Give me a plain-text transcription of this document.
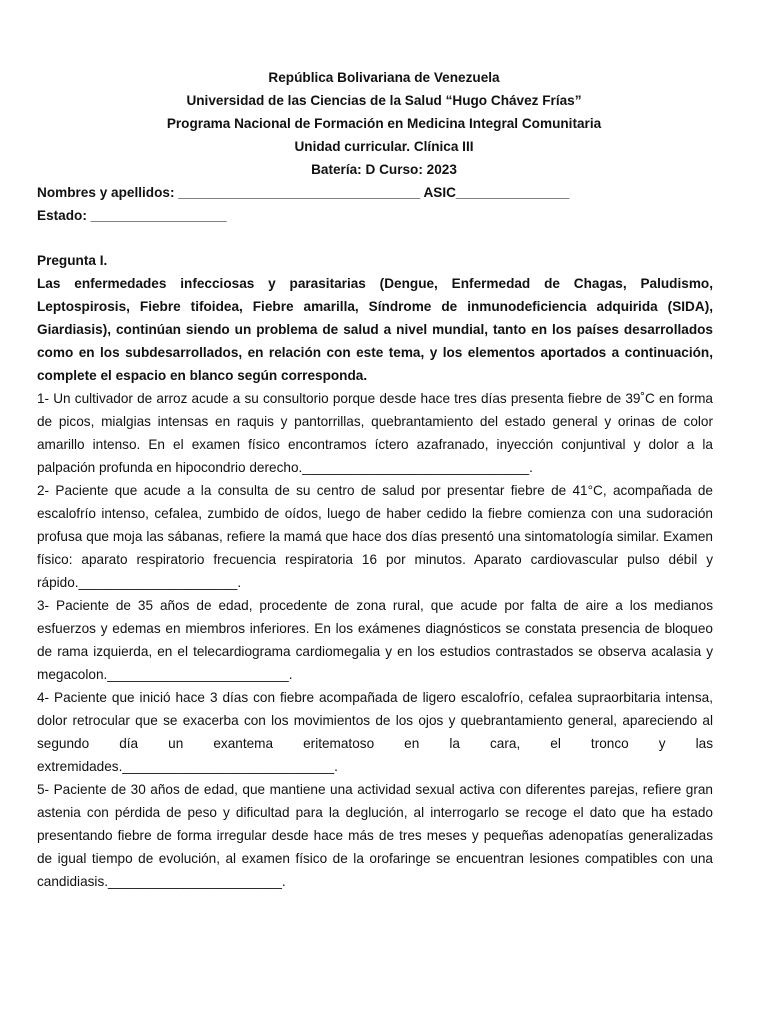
República Bolivariana de Venezuela
Universidad de las Ciencias de la Salud “Hugo Chávez Frías”
Programa Nacional de Formación en Medicina Integral Comunitaria
Unidad curricular. Clínica III
Batería: D Curso: 2023
Nombres y apellidos: ________________________________ ASIC_______________
Estado: __________________

Pregunta I.

Las enfermedades infecciosas y parasitarias (Dengue, Enfermedad de Chagas, Paludismo, Leptospirosis, Fiebre tifoidea, Fiebre amarilla, Síndrome de inmunodeficiencia adquirida (SIDA), Giardiasis), continúan siendo un problema de salud a nivel mundial, tanto en los países desarrollados como en los subdesarrollados, en relación con este tema, y los elementos aportados a continuación, complete el espacio en blanco según corresponda.

1- Un cultivador de arroz acude a su consultorio porque desde hace tres días presenta fiebre de 39˚C en forma de picos, mialgias intensas en raquis y pantorrillas, quebrantamiento del estado general y orinas de color amarillo intenso. En el examen físico encontramos íctero azafranado, inyección conjuntival y dolor a la palpación profunda en hipocondrio derecho.______________________________.

2- Paciente que acude a la consulta de su centro de salud por presentar fiebre de 41°C, acompañada de escalofrío intenso, cefalea, zumbido de oídos, luego de haber cedido la fiebre comienza con una sudoración profusa que moja las sábanas, refiere la mamá que hace dos días presentó una sintomatología similar. Examen físico: aparato respiratorio frecuencia respiratoria 16 por minutos. Aparato cardiovascular pulso débil y rápido._____________________.

3- Paciente de 35 años de edad, procedente de zona rural, que acude por falta de aire a los medianos esfuerzos y edemas en miembros inferiores. En los exámenes diagnósticos se constata presencia de bloqueo de rama izquierda, en el telecardiograma cardiomegalia y en los estudios contrastados se observa acalasia y megacolon.________________________.

4- Paciente que inició hace 3 días con fiebre acompañada de ligero escalofrío, cefalea supraorbitaria intensa, dolor retrocular que se exacerba con los movimientos de los ojos y quebrantamiento general, apareciendo al segundo día un exantema eritematoso en la cara, el tronco y las extremidades.____________________________.

5- Paciente de 30 años de edad, que mantiene una actividad sexual activa con diferentes parejas, refiere gran astenia con pérdida de peso y dificultad para la deglución, al interrogarlo se recoge el dato que ha estado presentando fiebre de forma irregular desde hace más de tres meses y pequeñas adenopatías generalizadas de igual tiempo de evolución, al examen físico de la orofaringe se encuentran lesiones compatibles con una candidiasis._______________________.
